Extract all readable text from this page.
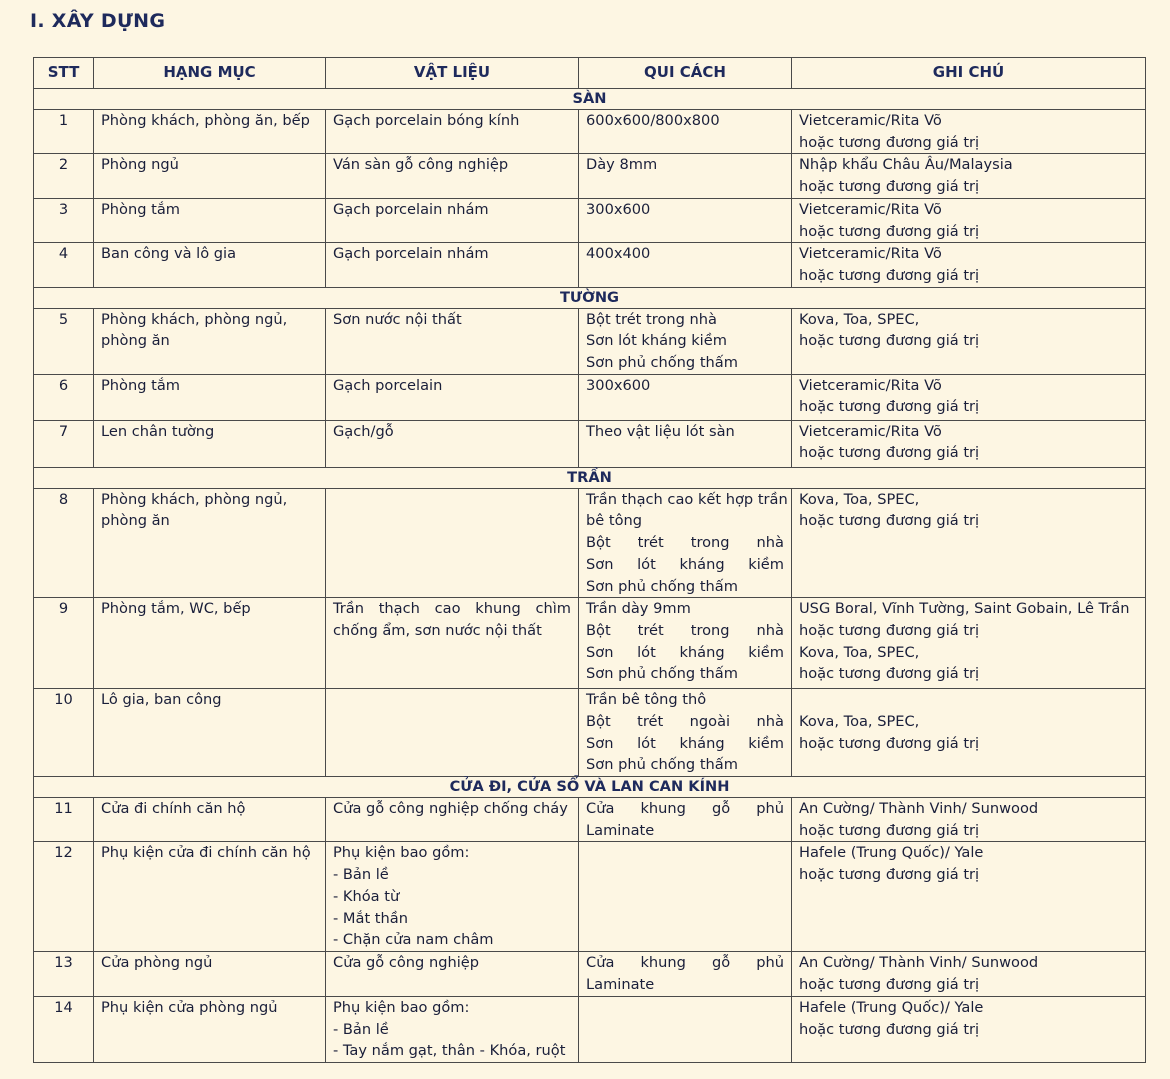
I. XÂY DỰNG
STT	HẠNG MỤC	VẬT LIỆU	QUI CÁCH	GHI CHÚ
SÀN				
1	Phòng khách, phòng ăn, bếp	Gạch porcelain bóng kính	600x600/800x800	Vietceramic/Rita Võ
hoặc tương đương giá trị

2	Phòng ngủ	Ván sàn gỗ công nghiệp	Dày 8mm	Nhập khẩu Châu Âu/Malaysia
hoặc tương đương giá trị

3	Phòng tắm	Gạch porcelain nhám	300x600	Vietceramic/Rita Võ
hoặc tương đương giá trị

4	Ban công và lô gia	Gạch porcelain nhám	400x400	Vietceramic/Rita Võ
hoặc tương đương giá trị

TƯỜNG				
5	Phòng khách, phòng ngủ,
phòng ăn	Sơn nước nội thất	Bột trét trong nhà
Sơn lót kháng kiềm
Sơn phủ chống thấm	Kova, Toa, SPEC,
hoặc tương đương giá trị

6	Phòng tắm	Gạch porcelain	300x600	Vietceramic/Rita Võ
hoặc tương đương giá trị

7	Len chân tường	Gạch/gỗ	Theo vật liệu lót sàn	Vietceramic/Rita Võ
hoặc tương đương giá trị

TRẦN				
8	Phòng khách, phòng ngủ,
phòng ăn		Trần thạch cao kết hợp trần
bê tông
Bột trét trong nhà
Sơn lót kháng kiềm
Sơn phủ chống thấm	Kova, Toa, SPEC,
hoặc tương đương giá trị

9	Phòng tắm, WC, bếp	Trần thạch cao khung chìm
chống ẩm, sơn nước nội thất	Trần dày 9mm
Bột trét trong nhà
Sơn lót kháng kiềm
Sơn phủ chống thấm	USG Boral, Vĩnh Tường, Saint Gobain, Lê Trần
hoặc tương đương giá trị
Kova, Toa, SPEC,
hoặc tương đương giá trị

10	Lô gia, ban công		Trần bê tông thô
Bột trét ngoài nhà
Sơn lót kháng kiềm
Sơn phủ chống thấm	Kova, Toa, SPEC,
hoặc tương đương giá trị

CỬA ĐI, CỬA SỔ VÀ LAN CAN KÍNH				
11	Cửa đi chính căn hộ	Cửa gỗ công nghiệp chống cháy	Cửa khung gỗ phủ
Laminate	An Cường/ Thành Vinh/ Sunwood
hoặc tương đương giá trị

12	Phụ kiện cửa đi chính căn hộ	Phụ kiện bao gồm:
- Bản lề
- Khóa từ
- Mắt thần
- Chặn cửa nam châm		Hafele (Trung Quốc)/ Yale
hoặc tương đương giá trị

13	Cửa phòng ngủ	Cửa gỗ công nghiệp	Cửa khung gỗ phủ
Laminate	An Cường/ Thành Vinh/ Sunwood
hoặc tương đương giá trị

14	Phụ kiện cửa phòng ngủ	Phụ kiện bao gồm:
- Bản lề
- Tay nắm gạt, thân - Khóa, ruột		Hafele (Trung Quốc)/ Yale
hoặc tương đương giá trị
